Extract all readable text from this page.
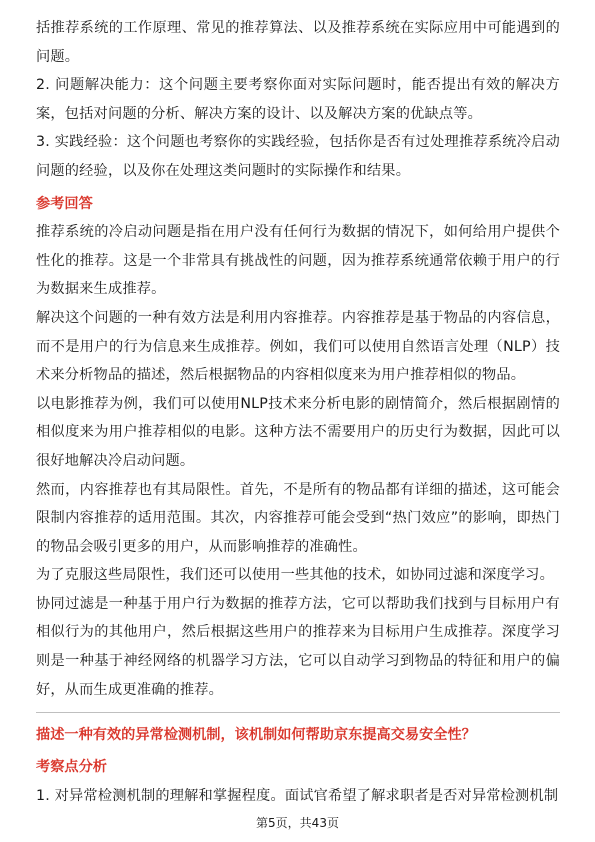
括推荐系统的工作原理、常见的推荐算法、以及推荐系统在实际应用中可能遇到的问题。

2. 问题解决能力：这个问题主要考察你面对实际问题时，能否提出有效的解决方案，包括对问题的分析、解决方案的设计、以及解决方案的优缺点等。

3. 实践经验：这个问题也考察你的实践经验，包括你是否有过处理推荐系统冷启动问题的经验，以及你在处理这类问题时的实际操作和结果。

参考回答

推荐系统的冷启动问题是指在用户没有任何行为数据的情况下，如何给用户提供个性化的推荐。这是一个非常具有挑战性的问题，因为推荐系统通常依赖于用户的行为数据来生成推荐。

解决这个问题的一种有效方法是利用内容推荐。内容推荐是基于物品的内容信息，而不是用户的行为信息来生成推荐。例如，我们可以使用自然语言处理（NLP）技术来分析物品的描述，然后根据物品的内容相似度来为用户推荐相似的物品。

以电影推荐为例，我们可以使用NLP技术来分析电影的剧情简介，然后根据剧情的相似度来为用户推荐相似的电影。这种方法不需要用户的历史行为数据，因此可以很好地解决冷启动问题。

然而，内容推荐也有其局限性。首先，不是所有的物品都有详细的描述，这可能会限制内容推荐的适用范围。其次，内容推荐可能会受到“热门效应”的影响，即热门的物品会吸引更多的用户，从而影响推荐的准确性。

为了克服这些局限性，我们还可以使用一些其他的技术，如协同过滤和深度学习。

协同过滤是一种基于用户行为数据的推荐方法，它可以帮助我们找到与目标用户有相似行为的其他用户，然后根据这些用户的推荐来为目标用户生成推荐。深度学习则是一种基于神经网络的机器学习方法，它可以自动学习到物品的特征和用户的偏好，从而生成更准确的推荐。

描述一种有效的异常检测机制，该机制如何帮助京东提高交易安全性？

考察点分析

1. 对异常检测机制的理解和掌握程度。面试官希望了解求职者是否对异常检测机制

第5页，共43页
